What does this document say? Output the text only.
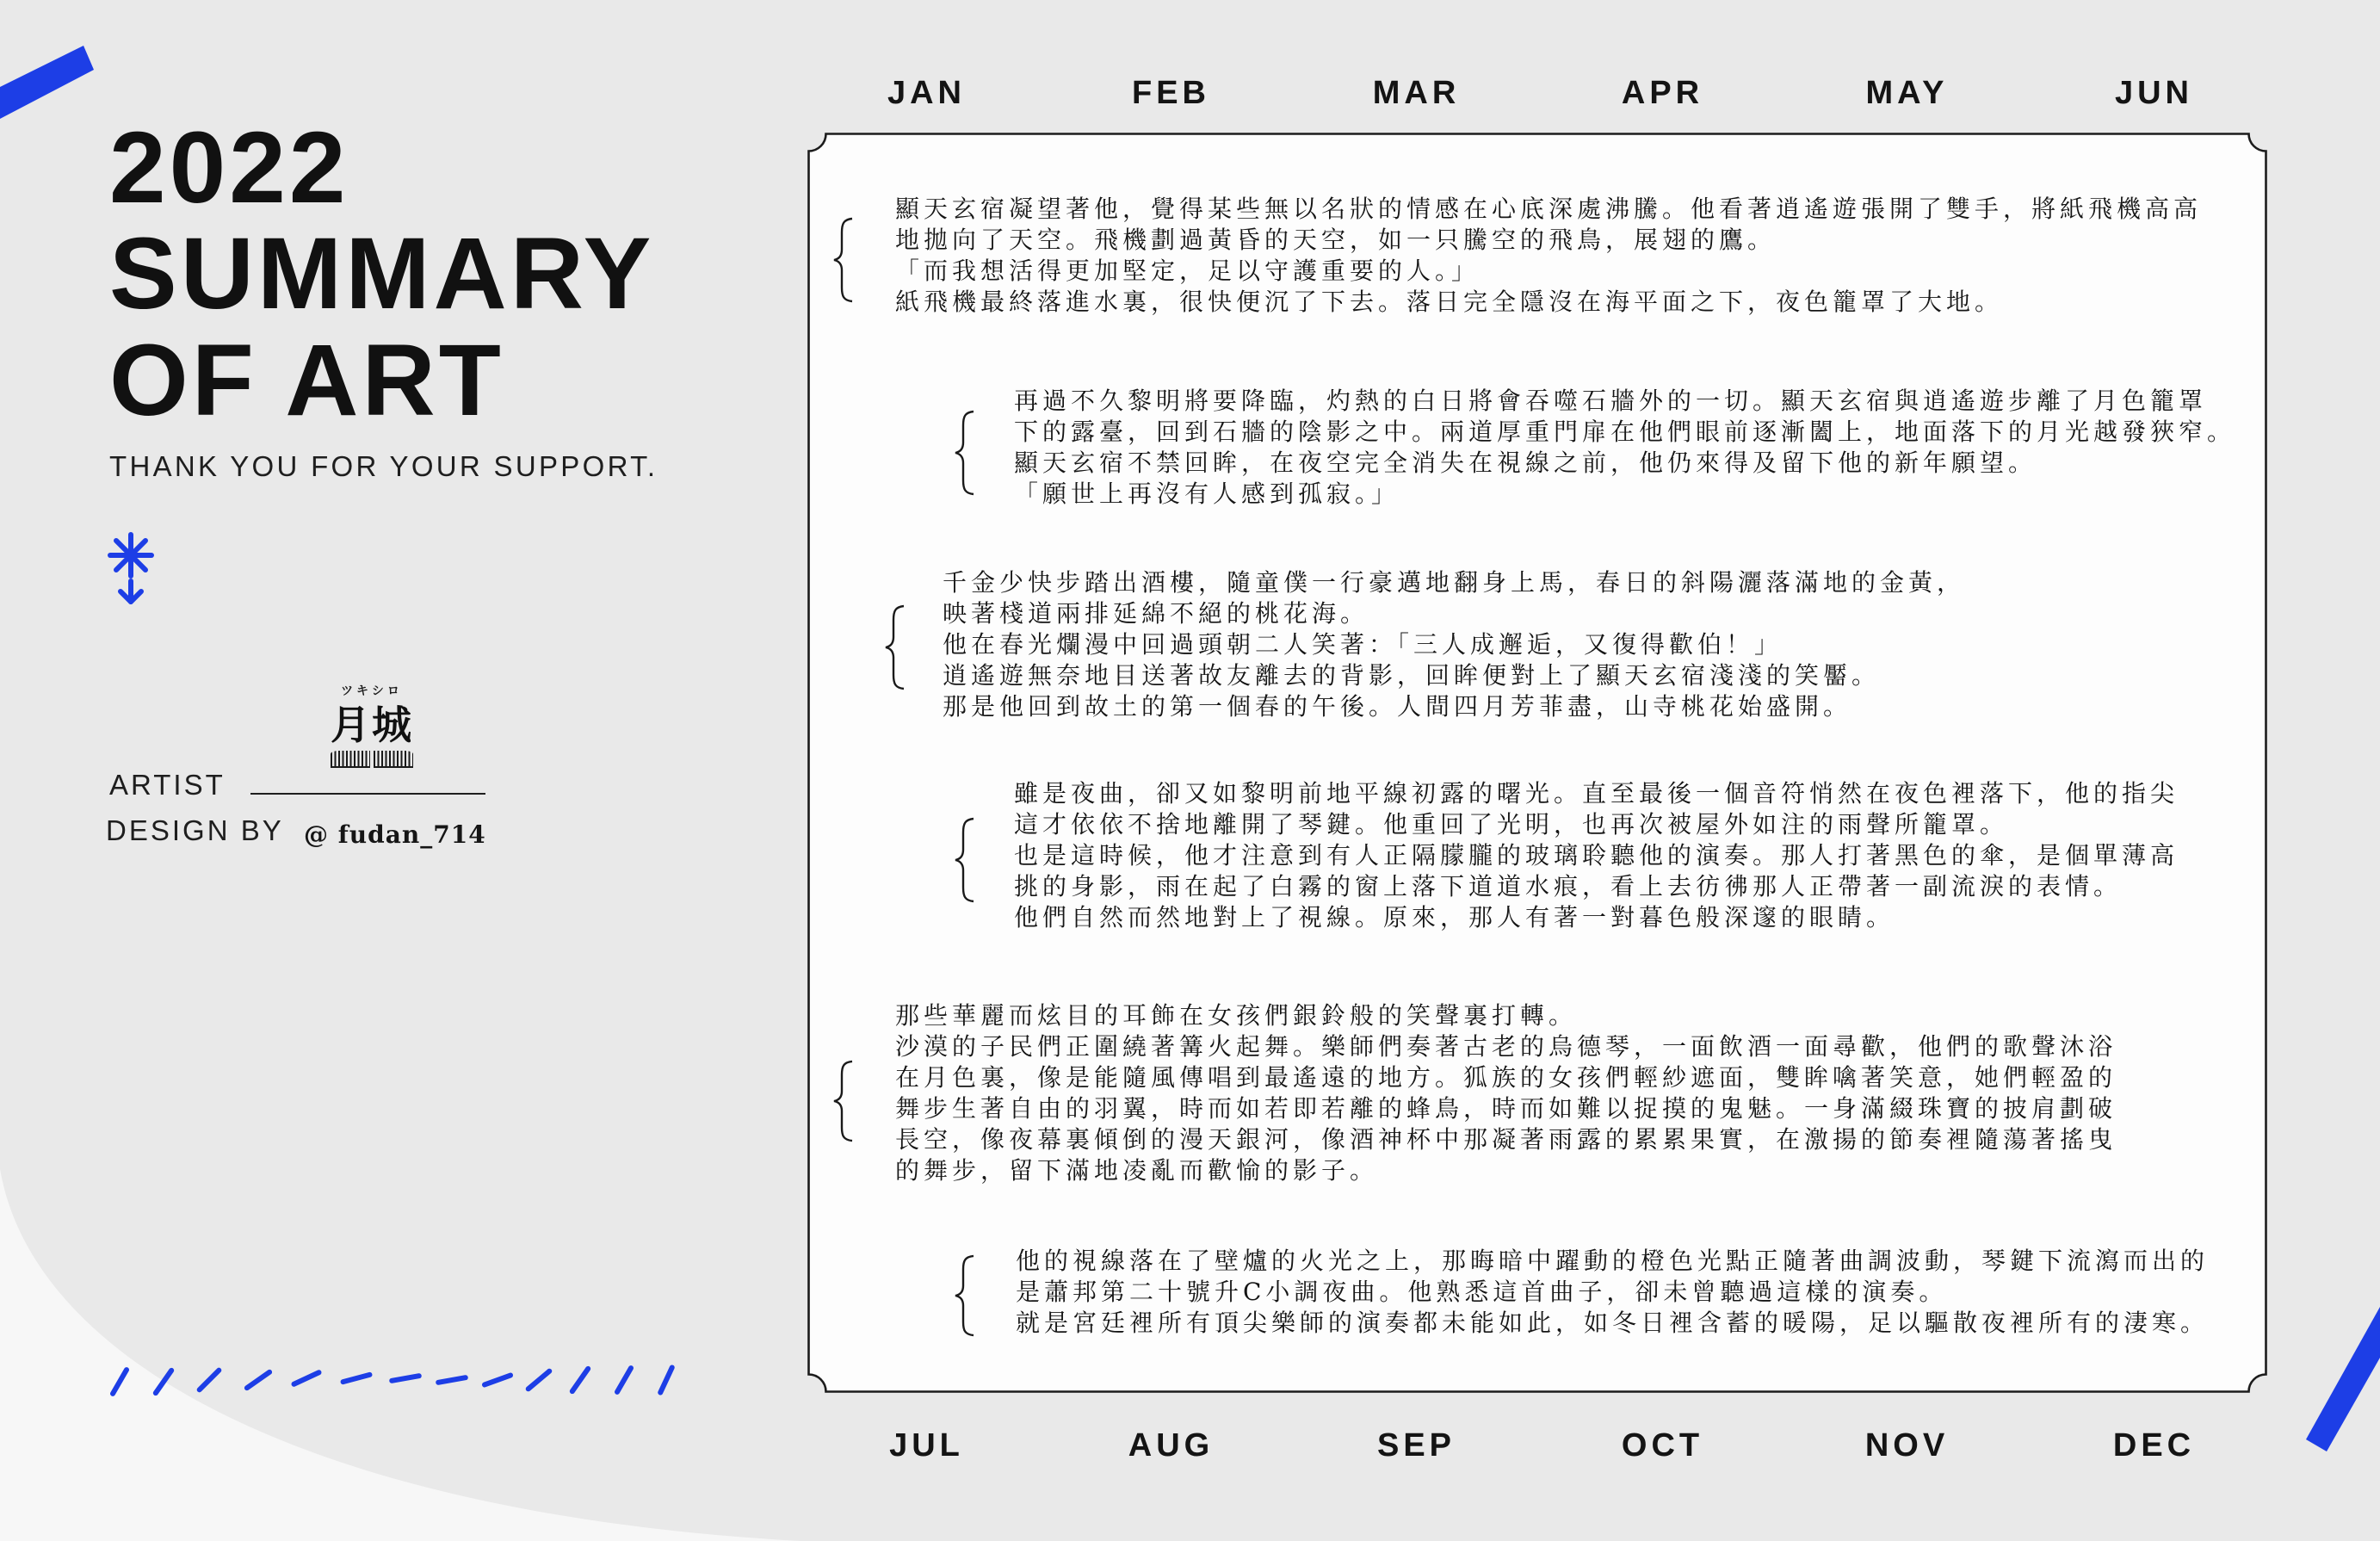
2022
SUMMARY
OF ART
THANK YOU FOR YOUR SUPPORT.
ツキシロ
月城
ARTIST
DESIGN BY @ fudan_714
JAN	FEB	MAR	APR	MAY	JUN
JUL	AUG	SEP	OCT	NOV	DEC
顯天玄宿凝望著他，覺得某些無以名狀的情感在心底深處沸騰。他看著逍遙遊張開了雙手，將紙飛機高高
地拋向了天空。飛機劃過黃昏的天空，如一只騰空的飛鳥，展翅的鷹。
「而我想活得更加堅定，足以守護重要的人。」
紙飛機最終落進水裏，很快便沉了下去。落日完全隱沒在海平面之下，夜色籠罩了大地。
再過不久黎明將要降臨，灼熱的白日將會吞噬石牆外的一切。顯天玄宿與逍遙遊步離了月色籠罩
下的露臺，回到石牆的陰影之中。兩道厚重門扉在他們眼前逐漸闔上，地面落下的月光越發狹窄。
顯天玄宿不禁回眸，在夜空完全消失在視線之前，他仍來得及留下他的新年願望。
「願世上再沒有人感到孤寂。」
千金少快步踏出酒樓，隨童僕一行豪邁地翻身上馬，春日的斜陽灑落滿地的金黃，
映著棧道兩排延綿不絕的桃花海。
他在春光爛漫中回過頭朝二人笑著：「三人成邂逅，又復得歡伯！」
逍遙遊無奈地目送著故友離去的背影，回眸便對上了顯天玄宿淺淺的笑靨。
那是他回到故土的第一個春的午後。人間四月芳菲盡，山寺桃花始盛開。
雖是夜曲，卻又如黎明前地平線初露的曙光。直至最後一個音符悄然在夜色裡落下，他的指尖
這才依依不捨地離開了琴鍵。他重回了光明，也再次被屋外如注的雨聲所籠罩。
也是這時候，他才注意到有人正隔朦朧的玻璃聆聽他的演奏。那人打著黑色的傘，是個單薄高
挑的身影，雨在起了白霧的窗上落下道道水痕，看上去彷彿那人正帶著一副流淚的表情。
他們自然而然地對上了視線。原來，那人有著一對暮色般深邃的眼睛。
那些華麗而炫目的耳飾在女孩們銀鈴般的笑聲裏打轉。
沙漠的子民們正圍繞著篝火起舞。樂師們奏著古老的烏德琴，一面飲酒一面尋歡，他們的歌聲沐浴
在月色裏，像是能隨風傳唱到最遙遠的地方。狐族的女孩們輕紗遮面，雙眸噙著笑意，她們輕盈的
舞步生著自由的羽翼，時而如若即若離的蜂鳥，時而如難以捉摸的鬼魅。一身滿綴珠寶的披肩劃破
長空，像夜幕裏傾倒的漫天銀河，像酒神杯中那凝著雨露的累累果實，在激揚的節奏裡隨蕩著搖曳
的舞步，留下滿地凌亂而歡愉的影子。
他的視線落在了壁爐的火光之上，那晦暗中躍動的橙色光點正隨著曲調波動，琴鍵下流瀉而出的
是蕭邦第二十號升C小調夜曲。他熟悉這首曲子，卻未曾聽過這樣的演奏。
就是宮廷裡所有頂尖樂師的演奏都未能如此，如冬日裡含蓄的暖陽，足以驅散夜裡所有的淒寒。
